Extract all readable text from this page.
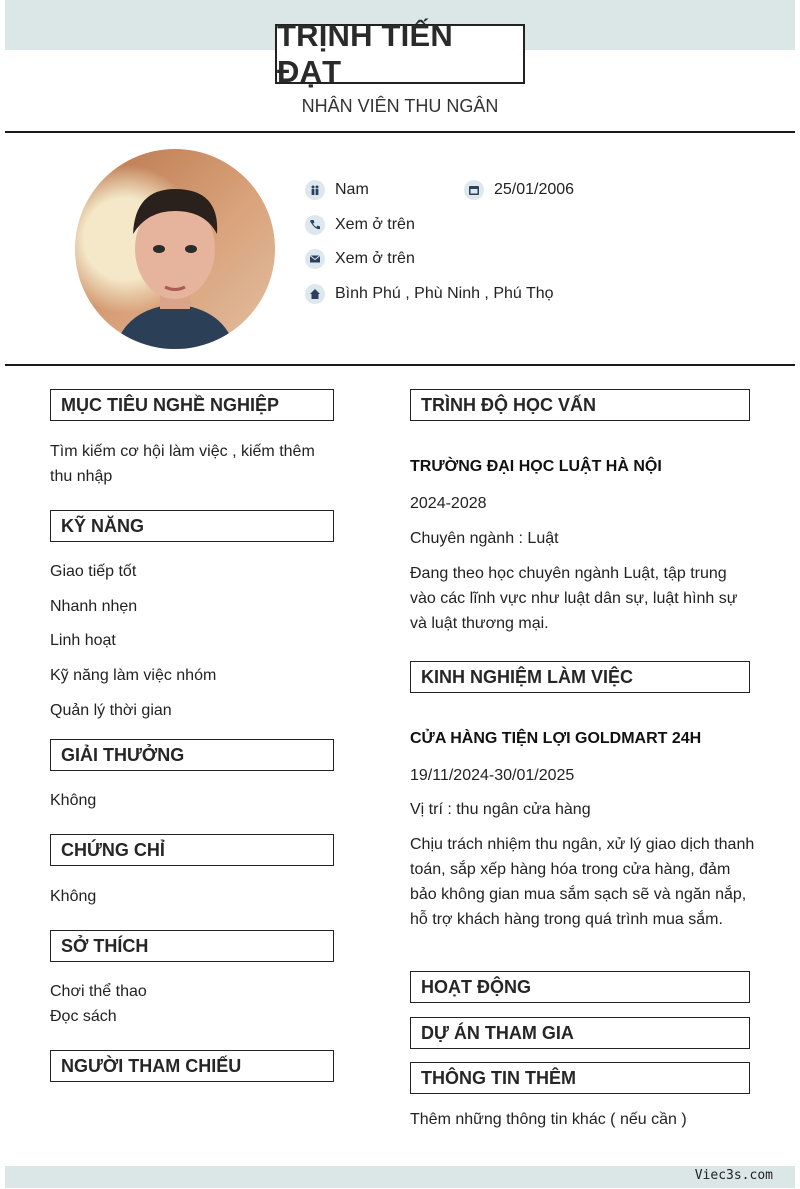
TRỊNH TIẾN ĐẠT
NHÂN VIÊN THU NGÂN
Nam	25/01/2006
Xem ở trên
Xem ở trên
Bình Phú , Phù Ninh , Phú Thọ
MỤC TIÊU NGHỀ NGHIỆP
Tìm kiếm cơ hội làm việc , kiếm thêm thu nhập
KỸ NĂNG
Giao tiếp tốt
Nhanh nhẹn
Linh hoạt
Kỹ năng làm việc nhóm
Quản lý thời gian
GIẢI THƯỞNG
Không
CHỨNG CHỈ
Không
SỞ THÍCH
Chơi thể thao
Đọc sách
NGƯỜI THAM CHIẾU
TRÌNH ĐỘ HỌC VẤN
TRƯỜNG ĐẠI HỌC LUẬT HÀ NỘI
2024-2028
Chuyên ngành : Luật
Đang theo học chuyên ngành Luật, tập trung vào các lĩnh vực như luật dân sự, luật hình sự và luật thương mại.
KINH NGHIỆM LÀM VIỆC
CỬA HÀNG TIỆN LỢI GOLDMART 24H
19/11/2024-30/01/2025
Vị trí : thu ngân cửa hàng
Chịu trách nhiệm thu ngân, xử lý giao dịch thanh toán, sắp xếp hàng hóa trong cửa hàng, đảm bảo không gian mua sắm sạch sẽ và ngăn nắp, hỗ trợ khách hàng trong quá trình mua sắm.
HOẠT ĐỘNG
DỰ ÁN THAM GIA
THÔNG TIN THÊM
Thêm những thông tin khác ( nếu cần )
Viec3s.com
